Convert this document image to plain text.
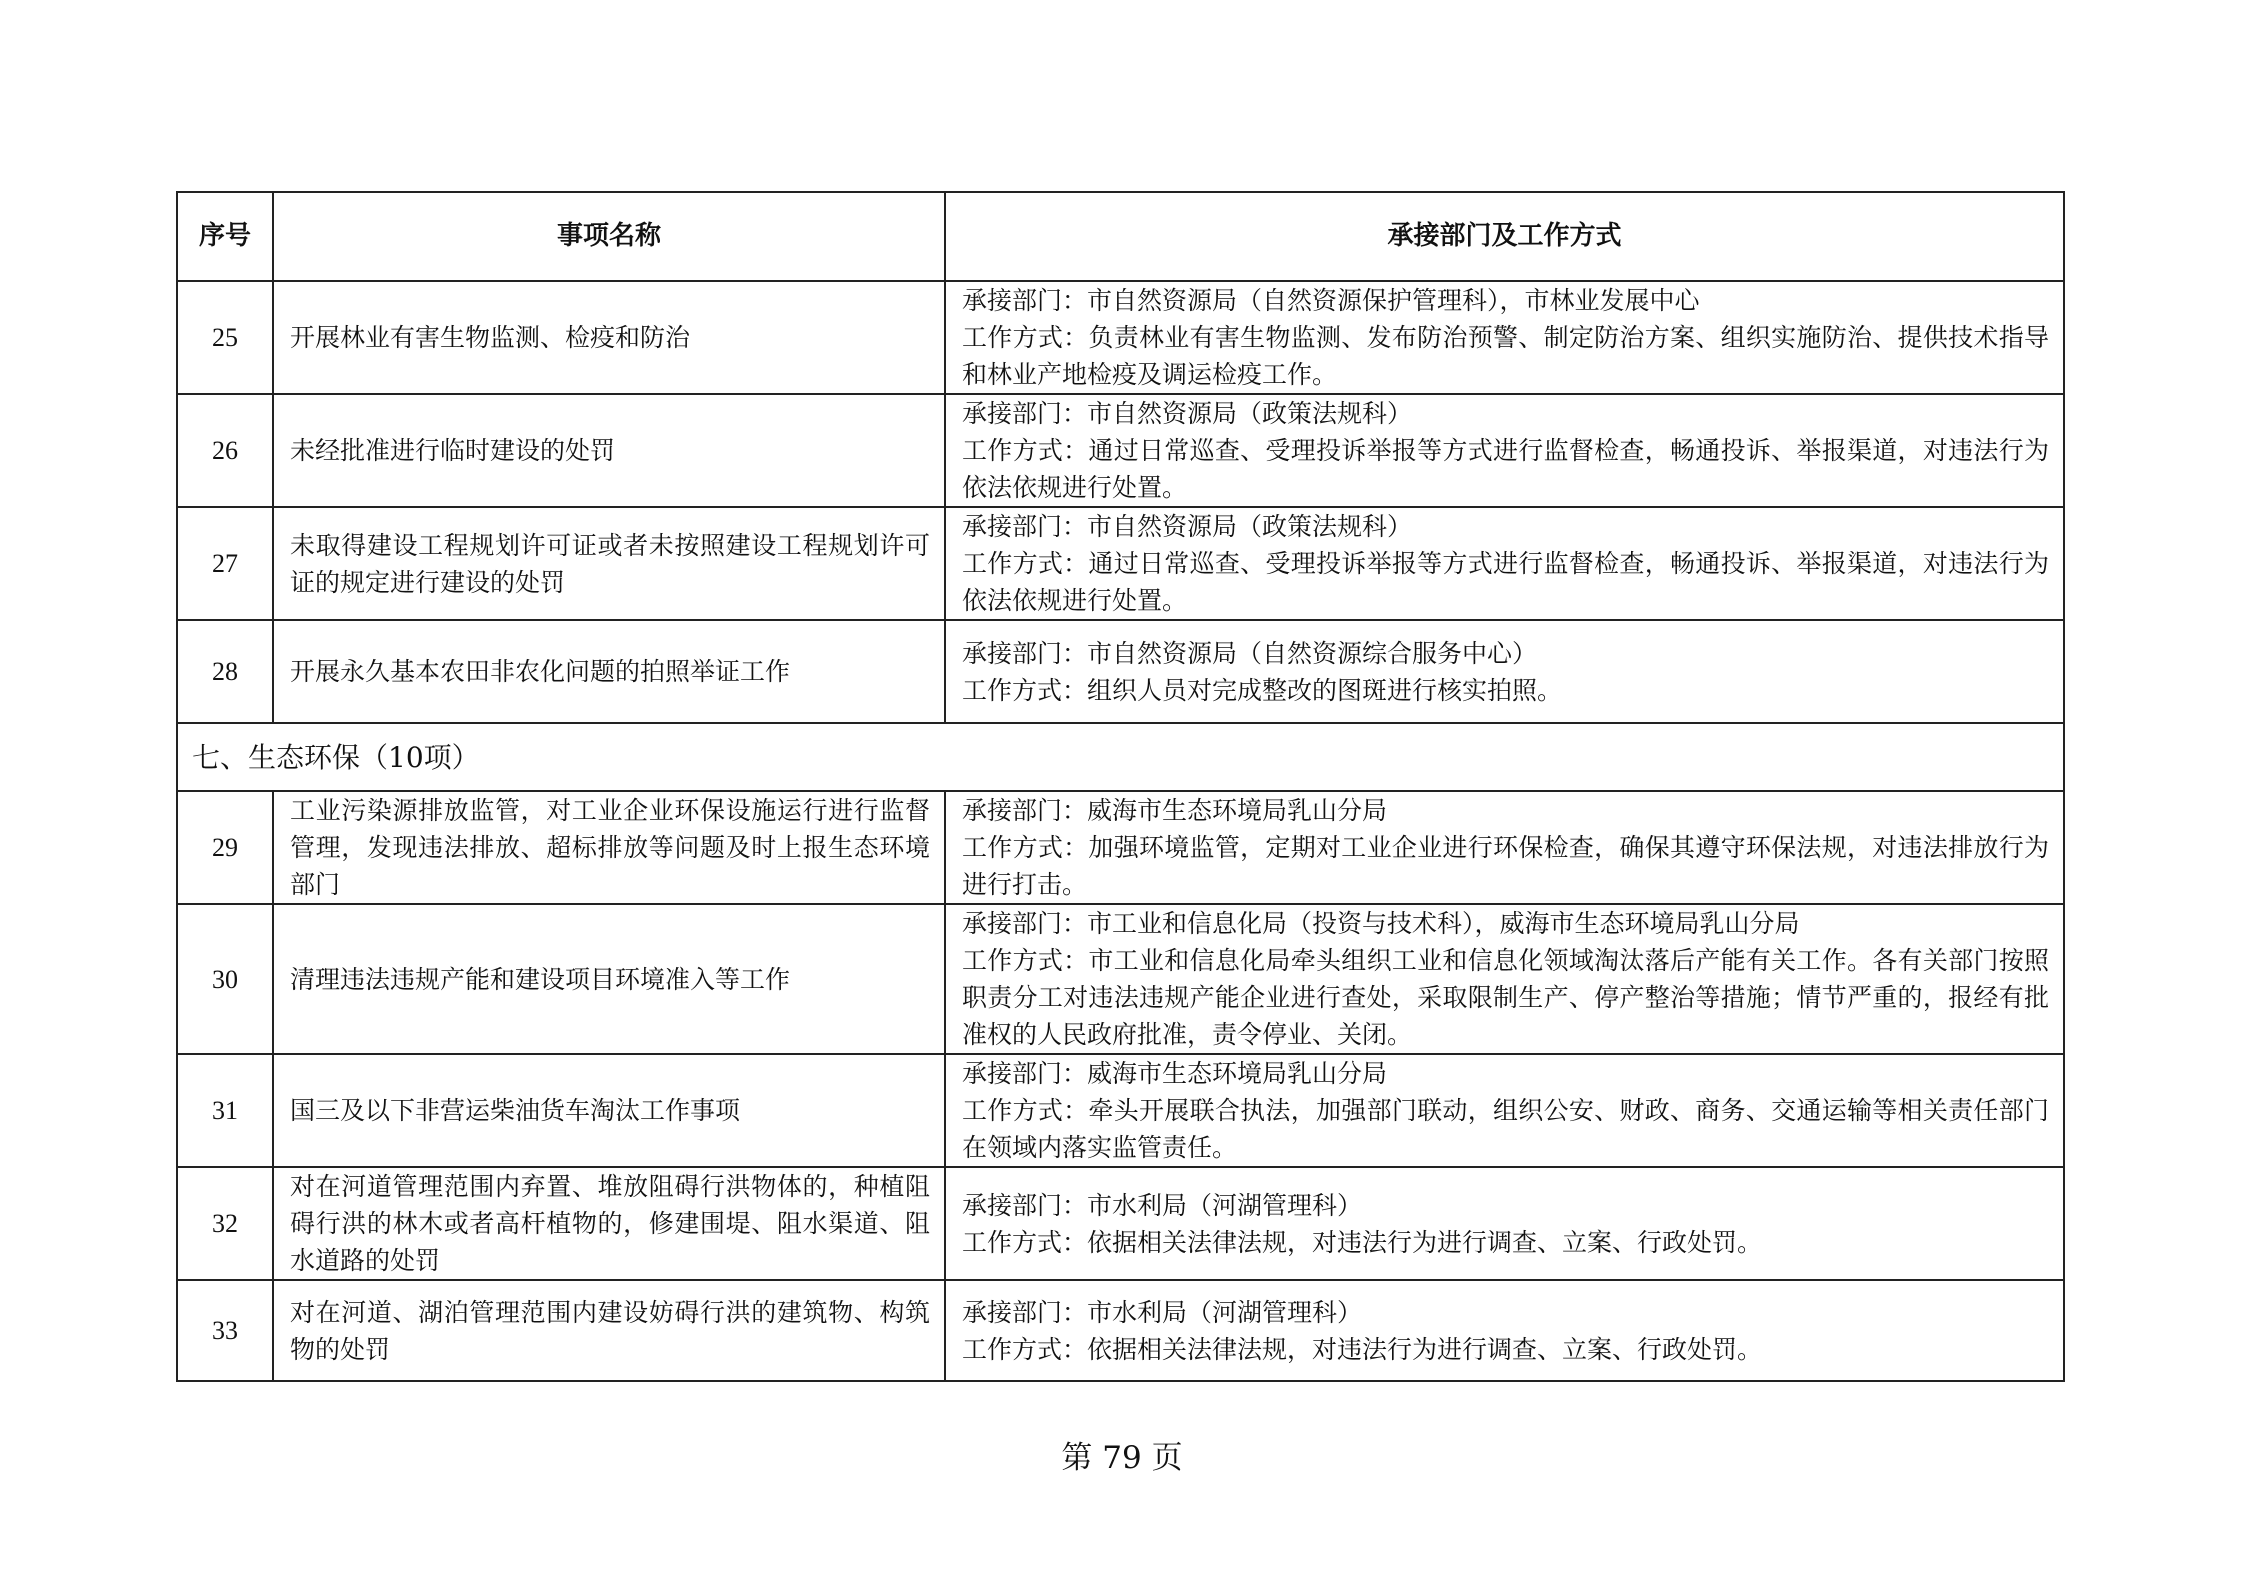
序号	事项名称	承接部门及工作方式
25	开展林业有害生物监测、检疫和防治	承接部门：市自然资源局（自然资源保护管理科），市林业发展中心
工作方式：负责林业有害生物监测、发布防治预警、制定防治方案、组织实施防治、提供技术指导和林业产地检疫及调运检疫工作。

26	未经批准进行临时建设的处罚	承接部门：市自然资源局（政策法规科）
工作方式：通过日常巡查、受理投诉举报等方式进行监督检查，畅通投诉、举报渠道，对违法行为依法依规进行处置。

27	未取得建设工程规划许可证或者未按照建设工程规划许可证的规定进行建设的处罚	承接部门：市自然资源局（政策法规科）
工作方式：通过日常巡查、受理投诉举报等方式进行监督检查，畅通投诉、举报渠道，对违法行为依法依规进行处置。

28	开展永久基本农田非农化问题的拍照举证工作	承接部门：市自然资源局（自然资源综合服务中心）
工作方式：组织人员对完成整改的图斑进行核实拍照。

七、生态环保（10项）		
29	工业污染源排放监管，对工业企业环保设施运行进行监督管理，发现违法排放、超标排放等问题及时上报生态环境部门	承接部门：威海市生态环境局乳山分局
工作方式：加强环境监管，定期对工业企业进行环保检查，确保其遵守环保法规，对违法排放行为进行打击。

30	清理违法违规产能和建设项目环境准入等工作	承接部门：市工业和信息化局（投资与技术科），威海市生态环境局乳山分局
工作方式：市工业和信息化局牵头组织工业和信息化领域淘汰落后产能有关工作。各有关部门按照职责分工对违法违规产能企业进行查处，采取限制生产、停产整治等措施；情节严重的，报经有批准权的人民政府批准，责令停业、关闭。

31	国三及以下非营运柴油货车淘汰工作事项	承接部门：威海市生态环境局乳山分局
工作方式：牵头开展联合执法，加强部门联动，组织公安、财政、商务、交通运输等相关责任部门在领域内落实监管责任。

32	对在河道管理范围内弃置、堆放阻碍行洪物体的，种植阻碍行洪的林木或者高杆植物的，修建围堤、阻水渠道、阻水道路的处罚	承接部门：市水利局（河湖管理科）
工作方式：依据相关法律法规，对违法行为进行调查、立案、行政处罚。

33	对在河道、湖泊管理范围内建设妨碍行洪的建筑物、构筑物的处罚	承接部门：市水利局（河湖管理科）
工作方式：依据相关法律法规，对违法行为进行调查、立案、行政处罚。
第 79 页
